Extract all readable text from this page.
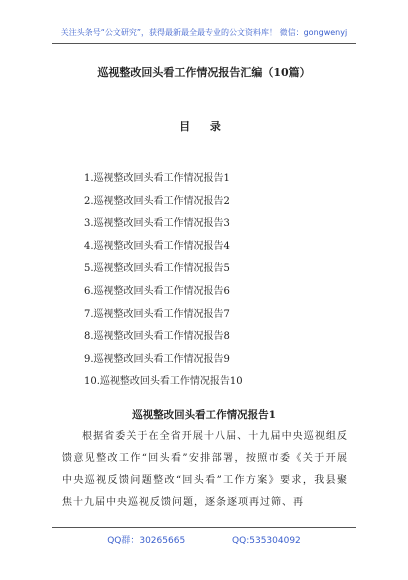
关注头条号“公文研究”，获得最新最全最专业的公文资料库！ 微信：gongwenyj
巡视整改回头看工作情况报告汇编（10篇）
目 录
1.巡视整改回头看工作情况报告1
2.巡视整改回头看工作情况报告2
3.巡视整改回头看工作情况报告3
4.巡视整改回头看工作情况报告4
5.巡视整改回头看工作情况报告5
6.巡视整改回头看工作情况报告6
7.巡视整改回头看工作情况报告7
8.巡视整改回头看工作情况报告8
9.巡视整改回头看工作情况报告9
10.巡视整改回头看工作情况报告10
巡视整改回头看工作情况报告1

根据省委关于在全省开展十八届、十九届中央巡视组反馈意见整改工作“回头看”安排部署，按照市委《关于开展中央巡视反馈问题整改“回头看”工作方案》要求，我县聚焦十九届中央巡视反馈问题，逐条逐项再过筛、再

QQ群：30265665	QQ:535304092
